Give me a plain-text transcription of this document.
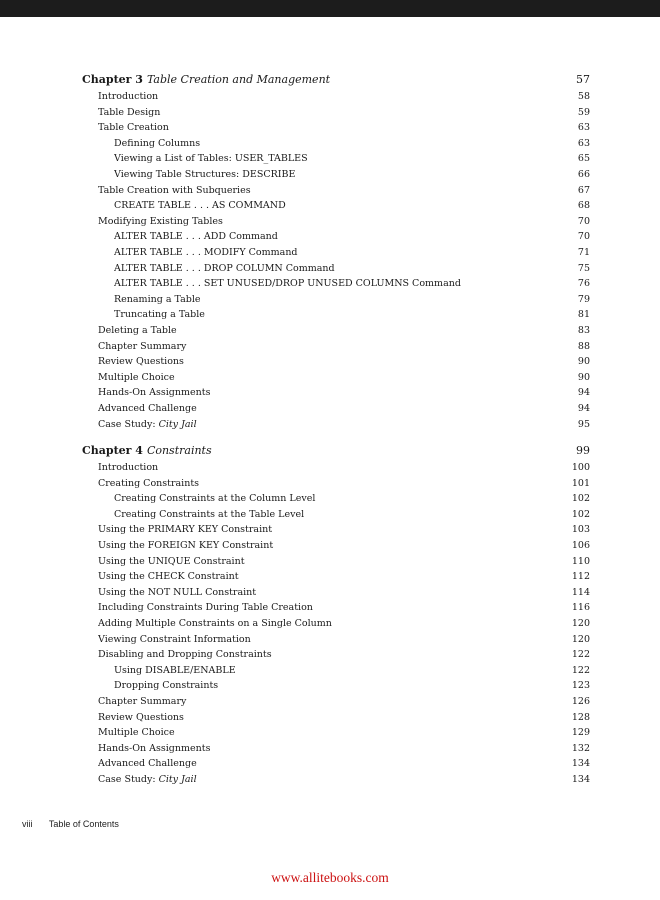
Chapter 3 Table Creation and Management	57
Introduction	58
Table Design	59
Table Creation	63
Defining Columns	63
Viewing a List of Tables: USER_TABLES	65
Viewing Table Structures: DESCRIBE	66
Table Creation with Subqueries	67
CREATE TABLE . . . AS COMMAND	68
Modifying Existing Tables	70
ALTER TABLE . . . ADD Command	70
ALTER TABLE . . . MODIFY Command	71
ALTER TABLE . . . DROP COLUMN Command	75
ALTER TABLE . . . SET UNUSED/DROP UNUSED COLUMNS Command	76
Renaming a Table	79
Truncating a Table	81
Deleting a Table	83
Chapter Summary	88
Review Questions	90
Multiple Choice	90
Hands-On Assignments	94
Advanced Challenge	94
Case Study: City Jail	95
Chapter 4 Constraints	99
Introduction	100
Creating Constraints	101
Creating Constraints at the Column Level	102
Creating Constraints at the Table Level	102
Using the PRIMARY KEY Constraint	103
Using the FOREIGN KEY Constraint	106
Using the UNIQUE Constraint	110
Using the CHECK Constraint	112
Using the NOT NULL Constraint	114
Including Constraints During Table Creation	116
Adding Multiple Constraints on a Single Column	120
Viewing Constraint Information	120
Disabling and Dropping Constraints	122
Using DISABLE/ENABLE	122
Dropping Constraints	123
Chapter Summary	126
Review Questions	128
Multiple Choice	129
Hands-On Assignments	132
Advanced Challenge	134
Case Study: City Jail	134
viii Table of Contents
www.allitebooks.com
